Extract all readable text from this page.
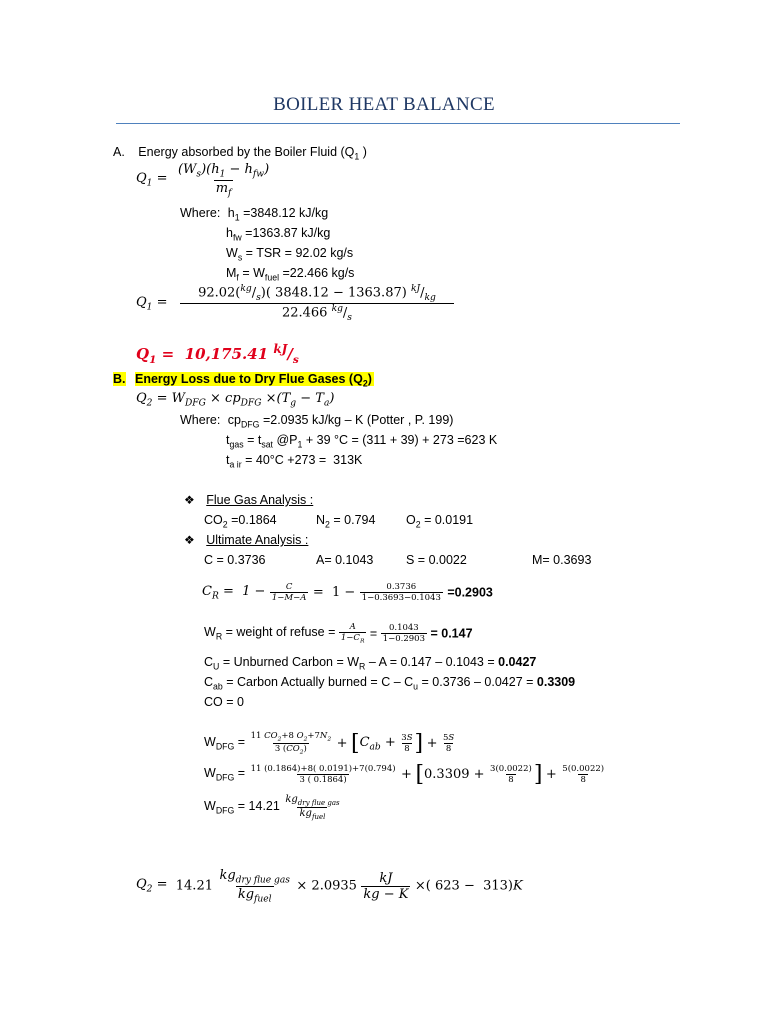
BOILER HEAT BALANCE
A. Energy absorbed by the Boiler Fluid ($Q_1$ )
$Q_1 = \frac{(W_s)(h_1 - h_{fw})}{m_f}$
Where: $h_1 =3848.12$ kJ/kg
$h_{fw} =1363.87$ kJ/kg
$W_s$ = TSR = 92.02 kg/s
$M_f = W_{fuel} =22.466$ kg/s
$Q_1 = \frac{92.02(^{kg}/_s)( 3848.12 - 1363.87) ^{kJ}/_{kg}}{22.466 ^{kg}/_s}$
$Q_1 = 10,175.41$ $^{kJ}/_s$
B. Energy Loss due to Dry Flue Gases $(Q_2)$
$Q_2 = W_{DFG} \times cp_{DFG} \times(T_g - T_a)$
Where: $cp_{DFG} =2.0935$ kJ/kg – K (Potter , P. 199)
$t_{gas} = t_{sat}$ $@P_1 + 39$ °C = (311 + 39) + 273 =623 K
$t_{a ir} = 40^\circ C +273 = 313K$
❖ Flue Gas Analysis :
$CO_2 =0.1864$	$N_2 = 0.794$ $O_2 = 0.0191$
❖ Ultimate Analysis :
C = 0.3736	A= 0.1043	S = 0.0022	M= 0.3693
$C_R = 1 - \frac{C}{1-M-A} = 1 - \frac{0.3736}{1-0.3693-0.1043} =0.2903$
$W_R$ = weight of refuse = $\frac{A}{1-C_R} = \frac{0.1043}{1-0.2903} = 0.147$
$C_U$ = Unburned Carbon = $W_R - A = 0.147 - 0.1043 = 0.0427$
$C_{ab}$ = Carbon Actually burned = $C - C_u = 0.3736 - 0.0427 = 0.3309$
CO = 0
$W_{DFG} = \frac{11 CO_2+8 O_2+7N_2}{3 (CO_2)} + [C_{ab} + \frac{3S}{8}$ ] + $\frac{5S}{8}$
$W_{DFG} = \frac{11 (0.1864)+8( 0.0191)+7(0.794)}{3 ( 0.1864)} + [0.3309 + \frac{3(0.0022)}{8}$ ] + $\frac{5(0.0022)}{8}$
$W_{DFG} = 14.21 \frac{kg_{dry flue gas}}{kg_{fuel}}$
$Q_2 = 14.21 \frac{kg_{dry flue gas}}{kg_{fuel}} \times 2.0935 \frac{kJ}{kg - K}$ ×( 623 −  313)K
